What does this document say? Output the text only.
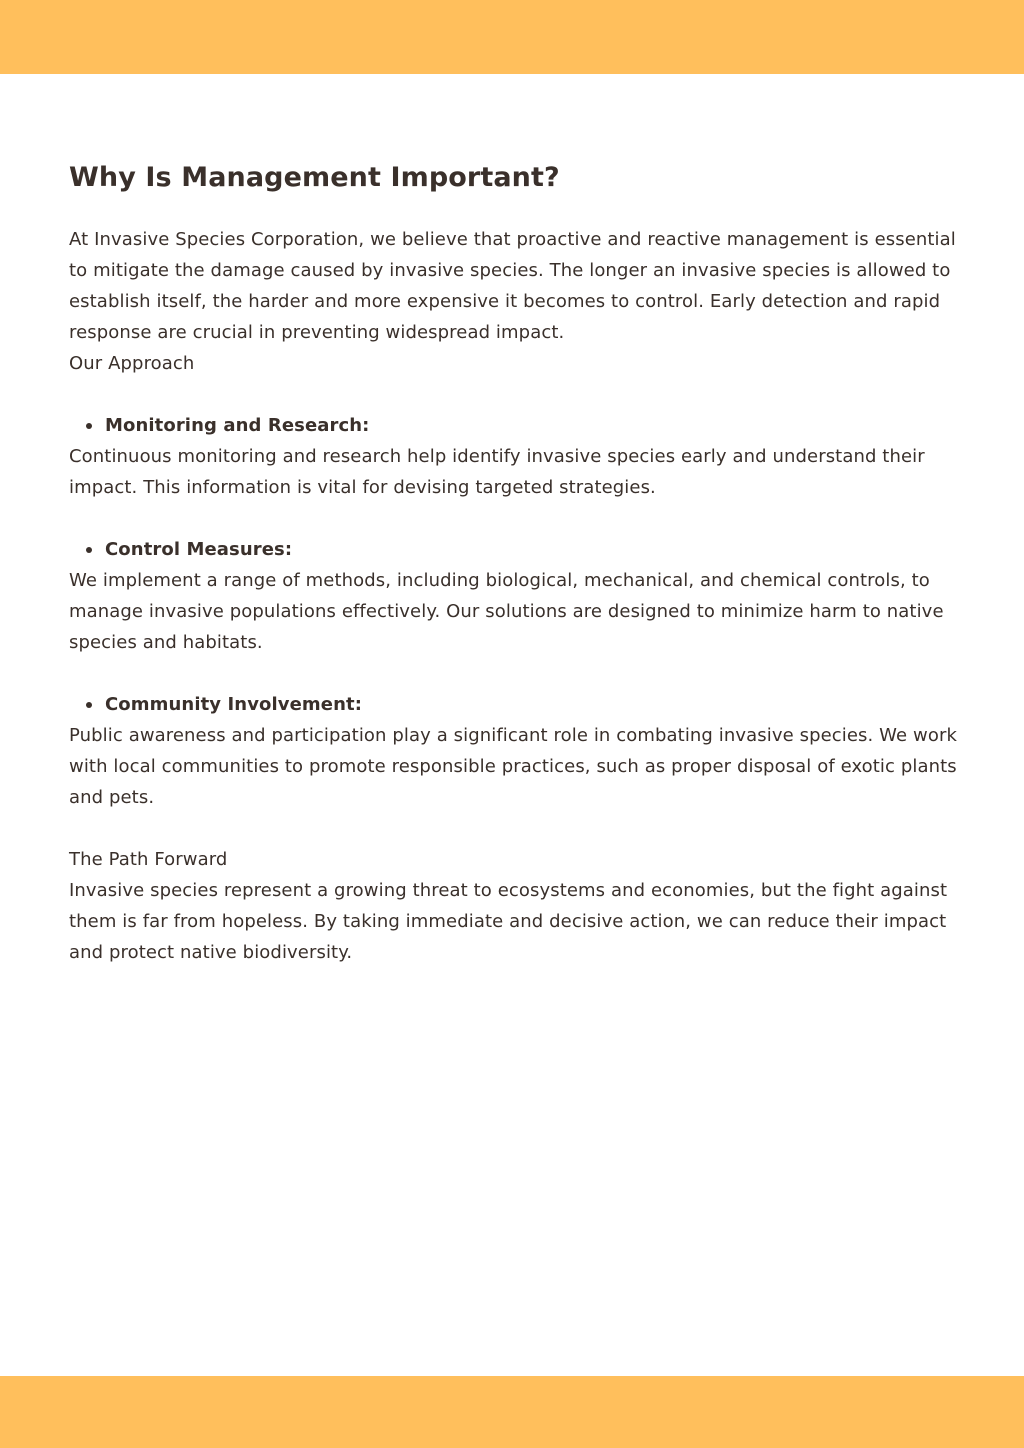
Why Is Management Important?

At Invasive Species Corporation, we believe that proactive and reactive management is essential to mitigate the damage caused by invasive species. The longer an invasive species is allowed to establish itself, the harder and more expensive it becomes to control. Early detection and rapid response are crucial in preventing widespread impact.

Our Approach

Monitoring and Research:

Continuous monitoring and research help identify invasive species early and understand their impact. This information is vital for devising targeted strategies.

Control Measures:

We implement a range of methods, including biological, mechanical, and chemical controls, to manage invasive populations effectively. Our solutions are designed to minimize harm to native species and habitats.

Community Involvement:

Public awareness and participation play a significant role in combating invasive species. We work with local communities to promote responsible practices, such as proper disposal of exotic plants and pets.

The Path Forward

Invasive species represent a growing threat to ecosystems and economies, but the fight against them is far from hopeless. By taking immediate and decisive action, we can reduce their impact and protect native biodiversity.
